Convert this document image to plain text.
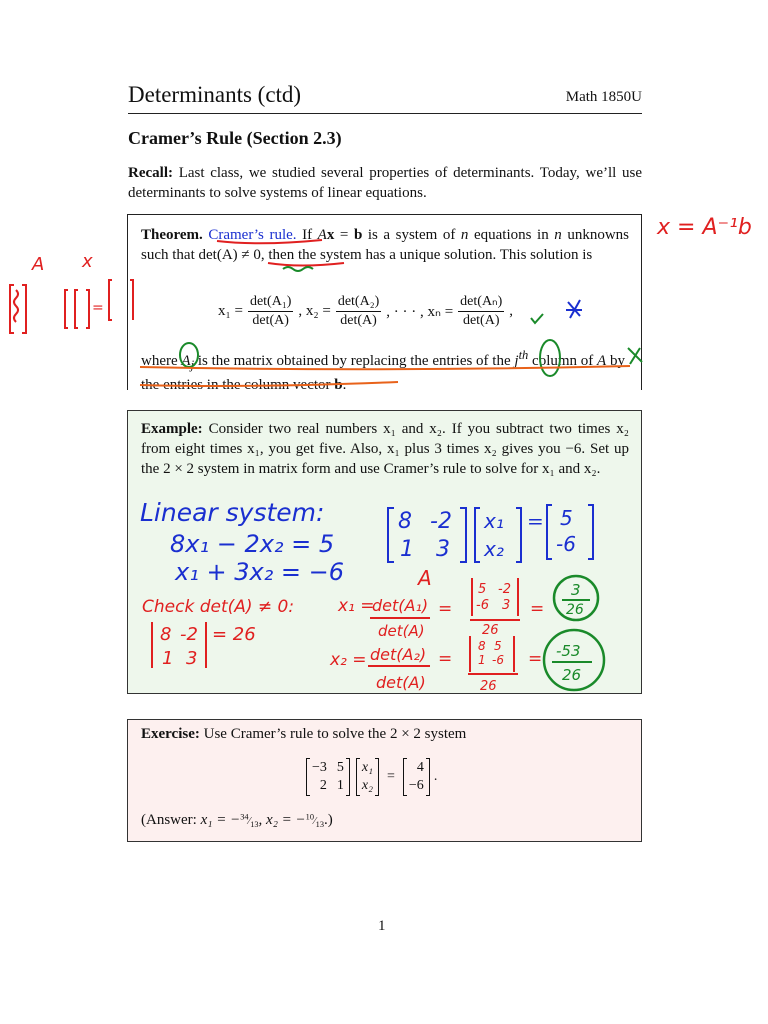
Determinants (ctd)	Math 1850U
Cramer’s Rule (Section 2.3)
Recall: Last class, we studied several properties of determinants. Today, we’ll use determinants to solve systems of linear equations.
Theorem. Cramer’s rule. If Ax = b is a system of n equations in n unknowns such that det(A) ≠ 0, then the system has a unique solution. This solution is
$x_1 = \frac{\text{det(A₁)}}{\det(A)}$ , $x_2 = \frac{\text{det(A₂)}}{\det(A)}$ , · · · , $x_n = \frac{\text{det(Aₙ)}}{\det(A)}$ ,
where $A_j$ is the matrix obtained by replacing the entries of the $j^{th}$ column of A by the entries in the column vector b.
Example: Consider two real numbers x₁ and x₂. If you subtract two times x₂ from eight times x₁, you get five. Also, x₁ plus 3 times x₂ gives you −6. Set up the 2 × 2 system in matrix form and use Cramer’s rule to solve for x₁ and x₂.
Exercise: Use Cramer’s rule to solve the 2 × 2 system
−3 5
2 1
x₁
x₂
=
4
−6
.
(Answer: $x_1 = -^{34}⁄_{13}$, $x_2 = -^{10}⁄_{13}$.)
1
x = A⁻¹b
A x
=
Linear system:
8x₁ − 2x₂ = 5
x₁ + 3x₂ = −6
8 -2
1 3
x₁
x₂
= 5
-6
A
Check det(A) ≠ 0:
8 -2
1 3
= 26
x₁ =
det(A₁)
det(A)
=
5 -2
-6 3
26
=
3
26
x₂ = det(A₂)
det(A)
=
8 5
1 -6
26
= -53
26
